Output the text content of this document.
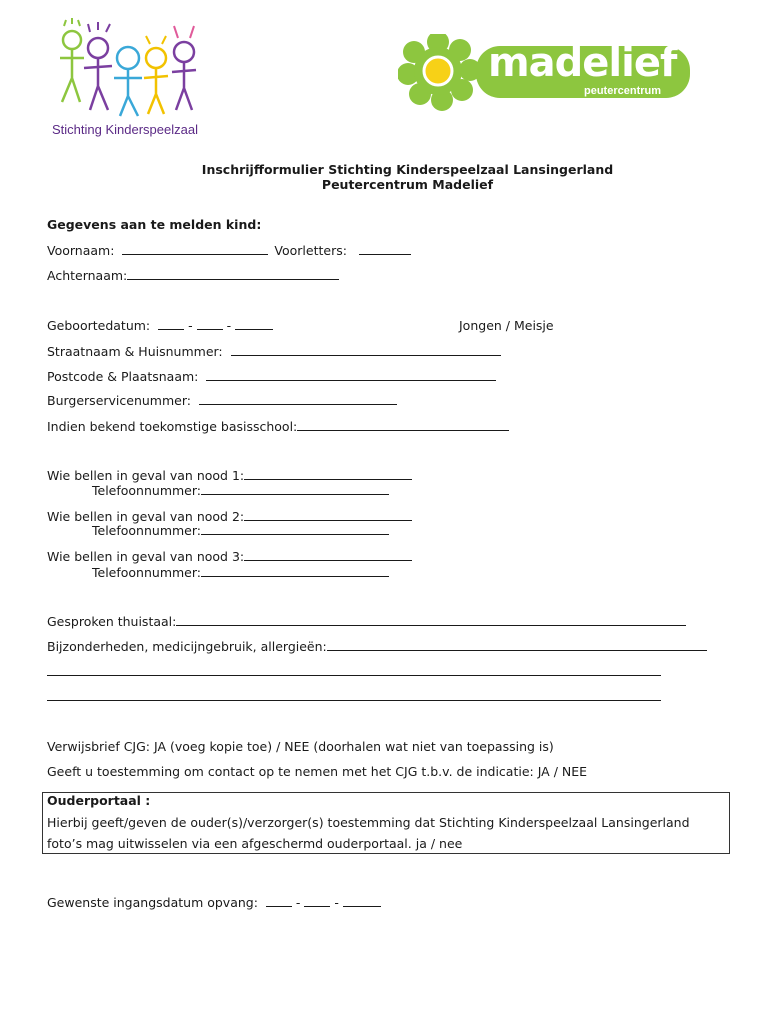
Stichting Kinderspeelzaal
madelief
peutercentrum
Inschrijfformulier Stichting Kinderspeelzaal Lansingerland
Peutercentrum Madelief
Gegevens aan te melden kind:
Voornaam:	Voorletters:
Achternaam:
Geboortedatum:	-  -	Jongen / Meisje
Straatnaam & Huisnummer:
Postcode & Plaatsnaam:
Burgerservicenummer:
Indien bekend toekomstige basisschool:
Wie bellen in geval van nood 1:
Telefoonnummer:
Wie bellen in geval van nood 2:
Telefoonnummer:
Wie bellen in geval van nood 3:
Telefoonnummer:
Gesproken thuistaal:
Bijzonderheden, medicijngebruik, allergieën:
Verwijsbrief CJG: JA (voeg kopie toe) / NEE (doorhalen wat niet van toepassing is)
Geeft u toestemming om contact op te nemen met het CJG t.b.v. de indicatie: JA / NEE
Ouderportaal :
Hierbij geeft/geven de ouder(s)/verzorger(s) toestemming dat Stichting Kinderspeelzaal Lansingerland
foto’s mag uitwisselen via een afgeschermd ouderportaal. ja / nee
Gewenste ingangsdatum opvang:	-  -
